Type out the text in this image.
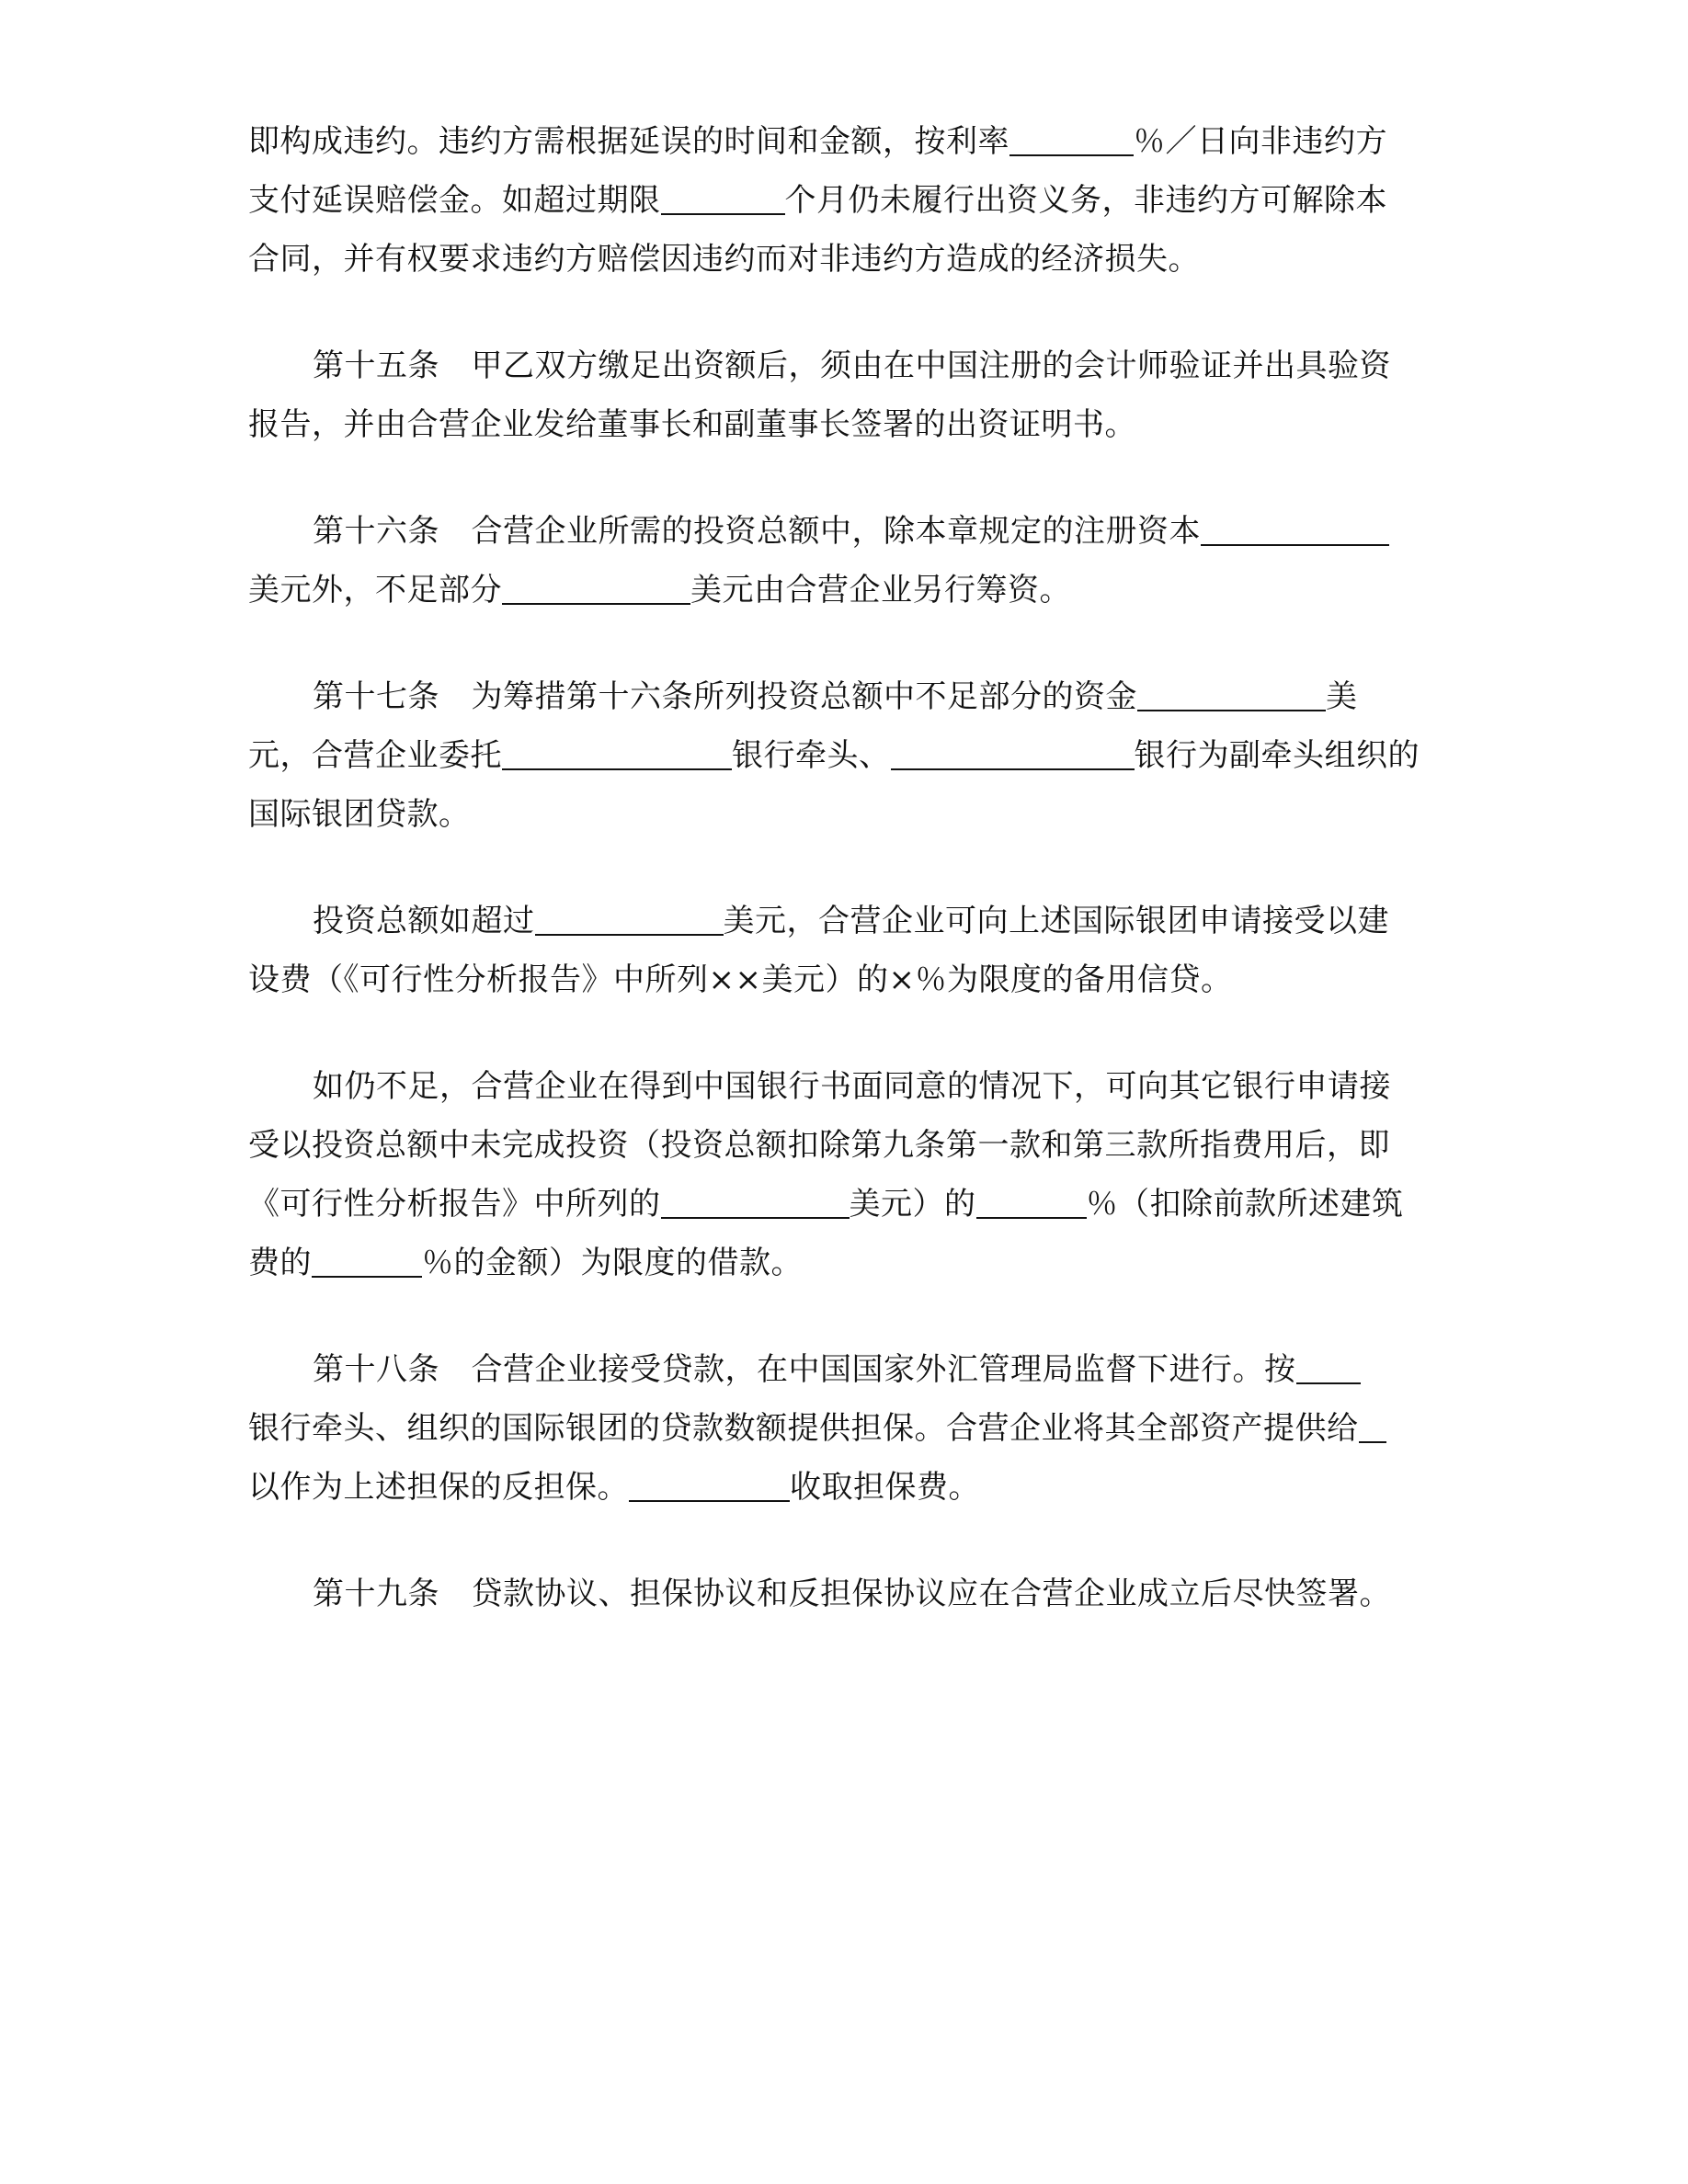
即构成违约。违约方需根据延误的时间和金额，按利率	％／日向非违约方
支付延误赔偿金。如超过期限	个月仍未履行出资义务，非违约方可解除本
合同，并有权要求违约方赔偿因违约而对非违约方造成的经济损失。
第十五条　甲乙双方缴足出资额后，须由在中国注册的会计师验证并出具验资
报告，并由合营企业发给董事长和副董事长签署的出资证明书。
第十六条　合营企业所需的投资总额中，除本章规定的注册资本
美元外，不足部分	美元由合营企业另行筹资。
第十七条　为筹措第十六条所列投资总额中不足部分的资金	美
元，合营企业委托	银行牵头、	银行为副牵头组织的
国际银团贷款。
投资总额如超过	美元，合营企业可向上述国际银团申请接受以建
设费（《可行性分析报告》中所列××美元）的×％为限度的备用信贷。
如仍不足，合营企业在得到中国银行书面同意的情况下，可向其它银行申请接
受以投资总额中未完成投资（投资总额扣除第九条第一款和第三款所指费用后，即
《可行性分析报告》中所列的	美元）的	％（扣除前款所述建筑
费的	％的金额）为限度的借款。
第十八条　合营企业接受贷款，在中国国家外汇管理局监督下进行。按
银行牵头、组织的国际银团的贷款数额提供担保。合营企业将其全部资产提供给
以作为上述担保的反担保。	收取担保费。
第十九条　贷款协议、担保协议和反担保协议应在合营企业成立后尽快签署。
